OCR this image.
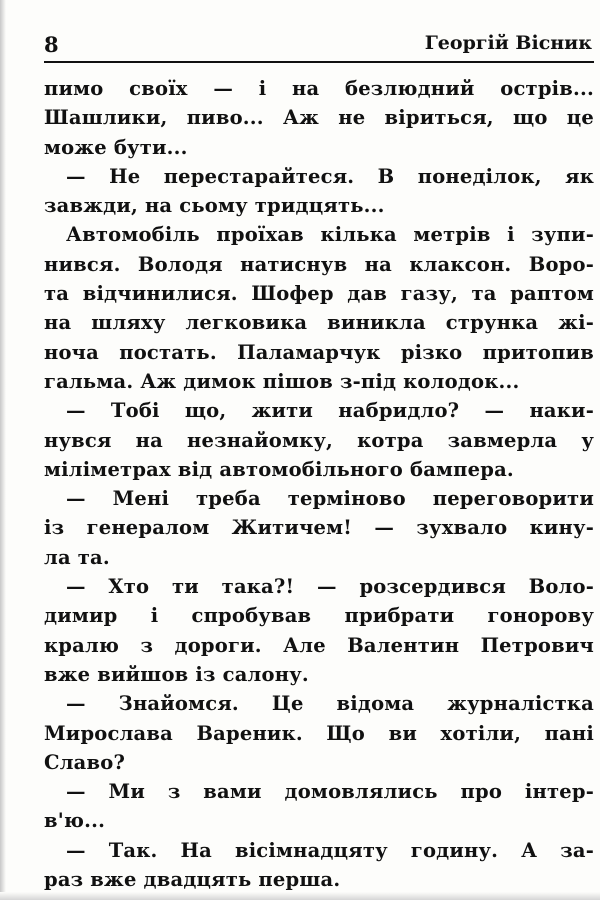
8	Георгій Вісник
пимо своїх — і на безлюдний острів...
Шашлики, пиво... Аж не віриться, що це
може бути...
— Не перестарайтеся. В понеділок, як
завжди, на сьому тридцять...
Автомобіль проїхав кілька метрів і зупи-
нився. Володя натиснув на клаксон. Воро-
та відчинилися. Шофер дав газу, та раптом
на шляху легковика виникла струнка жі-
ноча постать. Паламарчук різко притопив
гальма. Аж димок пішов з-під колодок...
— Тобі що, жити набридло? — наки-
нувся на незнайомку, котра завмерла у
міліметрах від автомобільного бампера.
— Мені треба терміново переговорити
із генералом Житичем! — зухвало кину-
ла та.
— Хто ти така?! — розсердився Воло-
димир і спробував прибрати гонорову
кралю з дороги. Але Валентин Петрович
вже вийшов із салону.
— Знайомся. Це відома журналістка
Мирослава Вареник. Що ви хотіли, пані
Славо?
— Ми з вами домовлялись про інтер-
в'ю...
— Так. На вісімнадцяту годину. А за-
раз вже двадцять перша.
